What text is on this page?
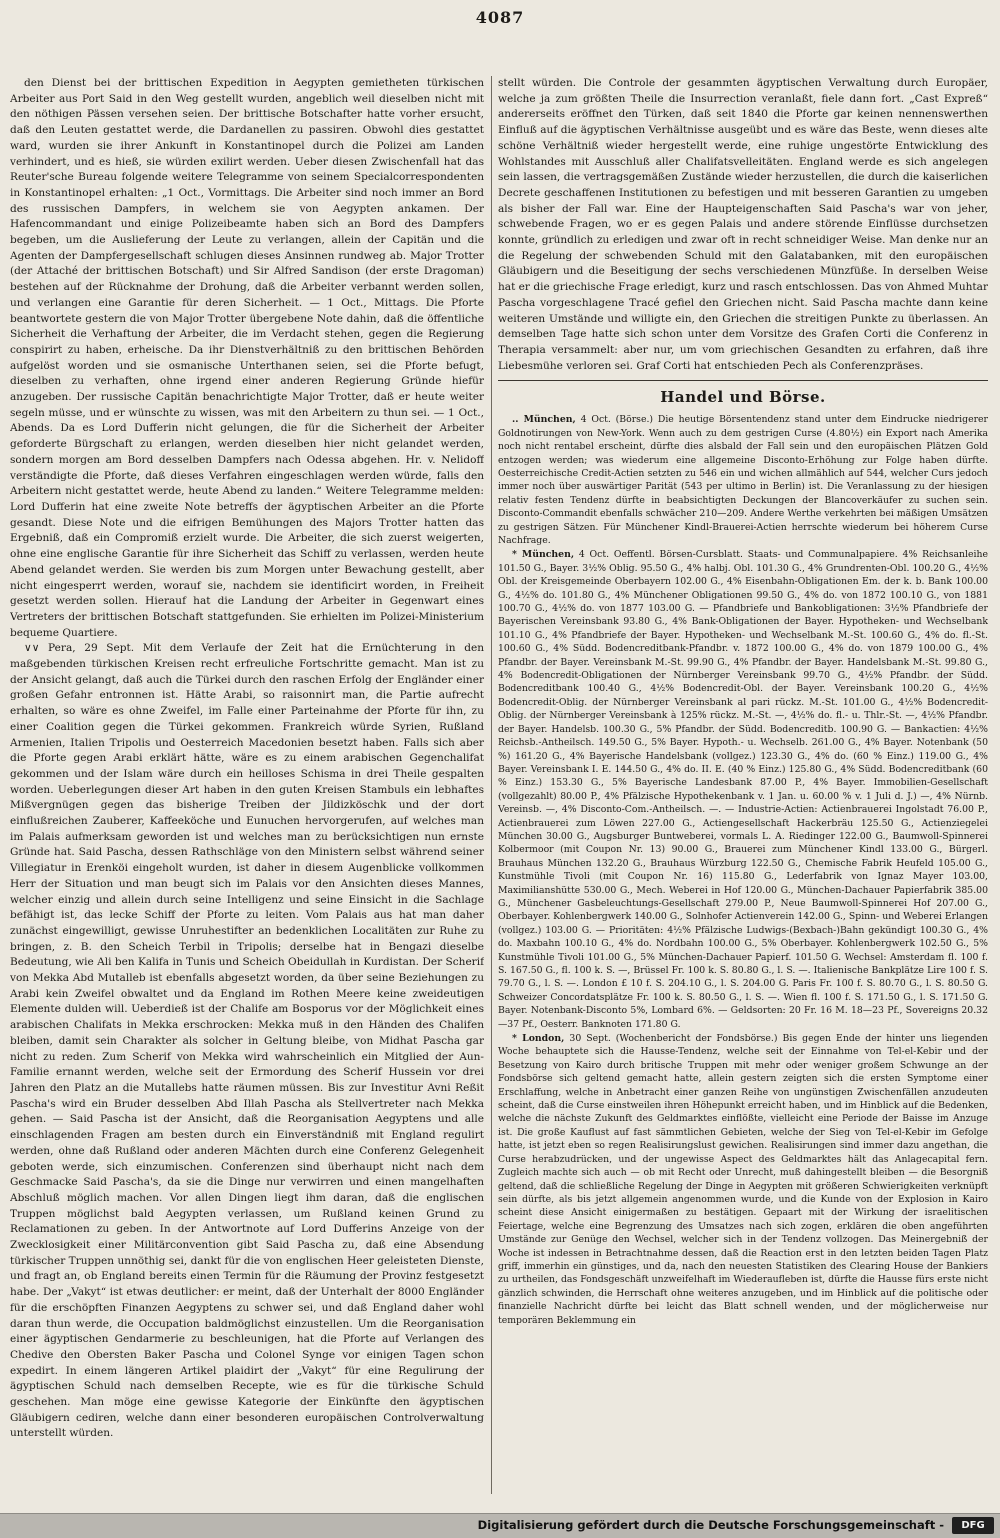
4087

den Dienst bei der brittischen Expedition in Aegypten gemietheten türkischen Arbeiter aus Port Said in den Weg gestellt wurden, angeblich weil dieselben nicht mit den nöthigen Pässen versehen seien. Der brittische Botschafter hatte vorher ersucht, daß den Leuten gestattet werde, die Dardanellen zu passiren. Obwohl dies gestattet ward, wurden sie ihrer Ankunft in Konstantinopel durch die Polizei am Landen verhindert, und es hieß, sie würden exilirt werden. Ueber diesen Zwischenfall hat das Reuter'sche Bureau folgende weitere Telegramme von seinem Specialcorrespondenten in Konstantinopel erhalten: „1 Oct., Vormittags. Die Arbeiter sind noch immer an Bord des russischen Dampfers, in welchem sie von Aegypten ankamen. Der Hafencommandant und einige Polizeibeamte haben sich an Bord des Dampfers begeben, um die Auslieferung der Leute zu verlangen, allein der Capitän und die Agenten der Dampfergesellschaft schlugen dieses Ansinnen rundweg ab. Major Trotter (der Attaché der brittischen Botschaft) und Sir Alfred Sandison (der erste Dragoman) bestehen auf der Rücknahme der Drohung, daß die Arbeiter verbannt werden sollen, und verlangen eine Garantie für deren Sicherheit. — 1 Oct., Mittags. Die Pforte beantwortete gestern die von Major Trotter übergebene Note dahin, daß die öffentliche Sicherheit die Verhaftung der Arbeiter, die im Verdacht stehen, gegen die Regierung conspirirt zu haben, erheische. Da ihr Dienstverhältniß zu den brittischen Behörden aufgelöst worden und sie osmanische Unterthanen seien, sei die Pforte befugt, dieselben zu verhaften, ohne irgend einer anderen Regierung Gründe hiefür anzugeben. Der russische Capitän benachrichtigte Major Trotter, daß er heute weiter segeln müsse, und er wünschte zu wissen, was mit den Arbeitern zu thun sei. — 1 Oct., Abends. Da es Lord Dufferin nicht gelungen, die für die Sicherheit der Arbeiter geforderte Bürgschaft zu erlangen, werden dieselben hier nicht gelandet werden, sondern morgen am Bord desselben Dampfers nach Odessa abgehen. Hr. v. Nelidoff verständigte die Pforte, daß dieses Verfahren eingeschlagen werden würde, falls den Arbeitern nicht gestattet werde, heute Abend zu landen.“ Weitere Telegramme melden: Lord Dufferin hat eine zweite Note betreffs der ägyptischen Arbeiter an die Pforte gesandt. Diese Note und die eifrigen Bemühungen des Majors Trotter hatten das Ergebniß, daß ein Compromiß erzielt wurde. Die Arbeiter, die sich zuerst weigerten, ohne eine englische Garantie für ihre Sicherheit das Schiff zu verlassen, werden heute Abend gelandet werden. Sie werden bis zum Morgen unter Bewachung gestellt, aber nicht eingesperrt werden, worauf sie, nachdem sie identificirt worden, in Freiheit gesetzt werden sollen. Hierauf hat die Landung der Arbeiter in Gegenwart eines Vertreters der brittischen Botschaft stattgefunden. Sie erhielten im Polizei-Ministerium bequeme Quartiere.

∨∨ Pera, 29 Sept. Mit dem Verlaufe der Zeit hat die Ernüchterung in den maßgebenden türkischen Kreisen recht erfreuliche Fortschritte gemacht. Man ist zu der Ansicht gelangt, daß auch die Türkei durch den raschen Erfolg der Engländer einer großen Gefahr entronnen ist. Hätte Arabi, so raisonnirt man, die Partie aufrecht erhalten, so wäre es ohne Zweifel, im Falle einer Parteinahme der Pforte für ihn, zu einer Coalition gegen die Türkei gekommen. Frankreich würde Syrien, Rußland Armenien, Italien Tripolis und Oesterreich Macedonien besetzt haben. Falls sich aber die Pforte gegen Arabi erklärt hätte, wäre es zu einem arabischen Gegenchalifat gekommen und der Islam wäre durch ein heilloses Schisma in drei Theile gespalten worden. Ueberlegungen dieser Art haben in den guten Kreisen Stambuls ein lebhaftes Mißvergnügen gegen das bisherige Treiben der Jildizköschk und der dort einflußreichen Zauberer, Kaffeeköche und Eunuchen hervorgerufen, auf welches man im Palais aufmerksam geworden ist und welches man zu berücksichtigen nun ernste Gründe hat. Said Pascha, dessen Rathschläge von den Ministern selbst während seiner Villegiatur in Erenköi eingeholt wurden, ist daher in diesem Augenblicke vollkommen Herr der Situation und man beugt sich im Palais vor den Ansichten dieses Mannes, welcher einzig und allein durch seine Intelligenz und seine Einsicht in die Sachlage befähigt ist, das lecke Schiff der Pforte zu leiten. Vom Palais aus hat man daher zunächst eingewilligt, gewisse Unruhestifter an bedenklichen Localitäten zur Ruhe zu bringen, z. B. den Scheich Terbil in Tripolis; derselbe hat in Bengazi dieselbe Bedeutung, wie Ali ben Kalifa in Tunis und Scheich Obeidullah in Kurdistan. Der Scherif von Mekka Abd Mutalleb ist ebenfalls abgesetzt worden, da über seine Beziehungen zu Arabi kein Zweifel obwaltet und da England im Rothen Meere keine zweideutigen Elemente dulden will. Ueberdieß ist der Chalife am Bosporus vor der Möglichkeit eines arabischen Chalifats in Mekka erschrocken: Mekka muß in den Händen des Chalifen bleiben, damit sein Charakter als solcher in Geltung bleibe, von Midhat Pascha gar nicht zu reden. Zum Scherif von Mekka wird wahrscheinlich ein Mitglied der Aun-Familie ernannt werden, welche seit der Ermordung des Scherif Hussein vor drei Jahren den Platz an die Mutallebs hatte räumen müssen. Bis zur Investitur Avni Reßit Pascha's wird ein Bruder desselben Abd Illah Pascha als Stellvertreter nach Mekka gehen. — Said Pascha ist der Ansicht, daß die Reorganisation Aegyptens und alle einschlagenden Fragen am besten durch ein Einverständniß mit England regulirt werden, ohne daß Rußland oder anderen Mächten durch eine Conferenz Gelegenheit geboten werde, sich einzumischen. Conferenzen sind überhaupt nicht nach dem Geschmacke Said Pascha's, da sie die Dinge nur verwirren und einen mangelhaften Abschluß möglich machen. Vor allen Dingen liegt ihm daran, daß die englischen Truppen möglichst bald Aegypten verlassen, um Rußland keinen Grund zu Reclamationen zu geben. In der Antwortnote auf Lord Dufferins Anzeige von der Zwecklosigkeit einer Militärconvention gibt Said Pascha zu, daß eine Absendung türkischer Truppen unnöthig sei, dankt für die von englischen Heer geleisteten Dienste, und fragt an, ob England bereits einen Termin für die Räumung der Provinz festgesetzt habe. Der „Vakyt“ ist etwas deutlicher: er meint, daß der Unterhalt der 8000 Engländer für die erschöpften Finanzen Aegyptens zu schwer sei, und daß England daher wohl daran thun werde, die Occupation baldmöglichst einzustellen. Um die Reorganisation einer ägyptischen Gendarmerie zu beschleunigen, hat die Pforte auf Verlangen des Chedive den Obersten Baker Pascha und Colonel Synge vor einigen Tagen schon expedirt. In einem längeren Artikel plaidirt der „Vakyt“ für eine Regulirung der ägyptischen Schuld nach demselben Recepte, wie es für die türkische Schuld geschehen. Man möge eine gewisse Kategorie der Einkünfte den ägyptischen Gläubigern cediren, welche dann einer besonderen europäischen Controlverwaltung unterstellt würden.

stellt würden. Die Controle der gesammten ägyptischen Verwaltung durch Europäer, welche ja zum größten Theile die Insurrection veranlaßt, fiele dann fort. „Cast Expreß“ andererseits eröffnet den Türken, daß seit 1840 die Pforte gar keinen nennenswerthen Einfluß auf die ägyptischen Verhältnisse ausgeübt und es wäre das Beste, wenn dieses alte schöne Verhältniß wieder hergestellt werde, eine ruhige ungestörte Entwicklung des Wohlstandes mit Ausschluß aller Chalifatsvelleitäten. England werde es sich angelegen sein lassen, die vertragsgemäßen Zustände wieder herzustellen, die durch die kaiserlichen Decrete geschaffenen Institutionen zu befestigen und mit besseren Garantien zu umgeben als bisher der Fall war. Eine der Haupteigenschaften Said Pascha's war von jeher, schwebende Fragen, wo er es gegen Palais und andere störende Einflüsse durchsetzen konnte, gründlich zu erledigen und zwar oft in recht schneidiger Weise. Man denke nur an die Regelung der schwebenden Schuld mit den Galatabanken, mit den europäischen Gläubigern und die Beseitigung der sechs verschiedenen Münzfüße. In derselben Weise hat er die griechische Frage erledigt, kurz und rasch entschlossen. Das von Ahmed Muhtar Pascha vorgeschlagene Tracé gefiel den Griechen nicht. Said Pascha machte dann keine weiteren Umstände und willigte ein, den Griechen die streitigen Punkte zu überlassen. An demselben Tage hatte sich schon unter dem Vorsitze des Grafen Corti die Conferenz in Therapia versammelt: aber nur, um vom griechischen Gesandten zu erfahren, daß ihre Liebesmühe verloren sei. Graf Corti hat entschieden Pech als Conferenzpräses.

Handel und Börse.

.. München, 4 Oct. (Börse.) Die heutige Börsentendenz stand unter dem Eindrucke niedrigerer Goldnotirungen von New-York. Wenn auch zu dem gestrigen Curse (4.80½) ein Export nach Amerika noch nicht rentabel erscheint, dürfte dies alsbald der Fall sein und den europäischen Plätzen Gold entzogen werden; was wiederum eine allgemeine Disconto-Erhöhung zur Folge haben dürfte. Oesterreichische Credit-Actien setzten zu 546 ein und wichen allmählich auf 544, welcher Curs jedoch immer noch über auswärtiger Parität (543 per ultimo in Berlin) ist. Die Veranlassung zu der hiesigen relativ festen Tendenz dürfte in beabsichtigten Deckungen der Blancoverkäufer zu suchen sein. Disconto-Commandit ebenfalls schwächer 210—209. Andere Werthe verkehrten bei mäßigen Umsätzen zu gestrigen Sätzen. Für Münchener Kindl-Brauerei-Actien herrschte wiederum bei höherem Curse Nachfrage.

* München, 4 Oct. Oeffentl. Börsen-Cursblatt. Staats- und Communalpapiere. 4% Reichsanleihe 101.50 G., Bayer. 3½% Oblig. 95.50 G., 4% halbj. Obl. 101.30 G., 4% Grundrenten-Obl. 100.20 G., 4½% Obl. der Kreisgemeinde Oberbayern 102.00 G., 4% Eisenbahn-Obligationen Em. der k. b. Bank 100.00 G., 4½% do. 101.80 G., 4% Münchener Obligationen 99.50 G., 4% do. von 1872 100.10 G., von 1881 100.70 G., 4½% do. von 1877 103.00 G. — Pfandbriefe und Bankobligationen: 3½% Pfandbriefe der Bayerischen Vereinsbank 93.80 G., 4% Bank-Obligationen der Bayer. Hypotheken- und Wechselbank 101.10 G., 4% Pfandbriefe der Bayer. Hypotheken- und Wechselbank M.-St. 100.60 G., 4% do. fl.-St. 100.60 G., 4% Südd. Bodencreditbank-Pfandbr. v. 1872 100.00 G., 4% do. von 1879 100.00 G., 4% Pfandbr. der Bayer. Vereinsbank M.-St. 99.90 G., 4% Pfandbr. der Bayer. Handelsbank M.-St. 99.80 G., 4% Bodencredit-Obligationen der Nürnberger Vereinsbank 99.70 G., 4½% Pfandbr. der Südd. Bodencreditbank 100.40 G., 4½% Bodencredit-Obl. der Bayer. Vereinsbank 100.20 G., 4½% Bodencredit-Oblig. der Nürnberger Vereinsbank al pari rückz. M.-St. 101.00 G., 4½% Bodencredit-Oblig. der Nürnberger Vereinsbank à 125% rückz. M.-St. —, 4½% do. fl.- u. Thlr.-St. —, 4½% Pfandbr. der Bayer. Handelsb. 100.30 G., 5% Pfandbr. der Südd. Bodencreditb. 100.90 G. — Bankactien: 4½% Reichsb.-Antheilsch. 149.50 G., 5% Bayer. Hypoth.- u. Wechselb. 261.00 G., 4% Bayer. Notenbank (50 %) 161.20 G., 4% Bayerische Handelsbank (vollgez.) 123.30 G., 4% do. (60 % Einz.) 119.00 G., 4% Bayer. Vereinsbank I. E. 144.50 G., 4% do. II. E. (40 % Einz.) 125.80 G., 4% Südd. Bodencreditbank (60 % Einz.) 153.30 G., 5% Bayerische Landesbank 87.00 P., 4% Bayer. Immobilien-Gesellschaft (vollgezahlt) 80.00 P., 4% Pfälzische Hypothekenbank v. 1 Jan. u. 60.00 % v. 1 Juli d. J.) —, 4% Nürnb. Vereinsb. —, 4% Disconto-Com.-Antheilsch. —. — Industrie-Actien: Actienbrauerei Ingolstadt 76.00 P., Actienbrauerei zum Löwen 227.00 G., Actiengesellschaft Hackerbräu 125.50 G., Actienziegelei München 30.00 G., Augsburger Buntweberei, vormals L. A. Riedinger 122.00 G., Baumwoll-Spinnerei Kolbermoor (mit Coupon Nr. 13) 90.00 G., Brauerei zum Münchener Kindl 133.00 G., Bürgerl. Brauhaus München 132.20 G., Brauhaus Würzburg 122.50 G., Chemische Fabrik Heufeld 105.00 G., Kunstmühle Tivoli (mit Coupon Nr. 16) 115.80 G., Lederfabrik von Ignaz Mayer 103.00, Maximilianshütte 530.00 G., Mech. Weberei in Hof 120.00 G., München-Dachauer Papierfabrik 385.00 G., Münchener Gasbeleuchtungs-Gesellschaft 279.00 P., Neue Baumwoll-Spinnerei Hof 207.00 G., Oberbayer. Kohlenbergwerk 140.00 G., Solnhofer Actienverein 142.00 G., Spinn- und Weberei Erlangen (vollgez.) 103.00 G. — Prioritäten: 4½% Pfälzische Ludwigs-(Bexbach-)Bahn gekündigt 100.30 G., 4% do. Maxbahn 100.10 G., 4% do. Nordbahn 100.00 G., 5% Oberbayer. Kohlenbergwerk 102.50 G., 5% Kunstmühle Tivoli 101.00 G., 5% München-Dachauer Papierf. 101.50 G. Wechsel: Amsterdam fl. 100 f. S. 167.50 G., fl. 100 k. S. —, Brüssel Fr. 100 k. S. 80.80 G., l. S. —. Italienische Bankplätze Lire 100 f. S. 79.70 G., l. S. —. London £ 10 f. S. 204.10 G., l. S. 204.00 G. Paris Fr. 100 f. S. 80.70 G., l. S. 80.50 G. Schweizer Concordatsplätze Fr. 100 k. S. 80.50 G., l. S. —. Wien fl. 100 f. S. 171.50 G., l. S. 171.50 G. Bayer. Notenbank-Disconto 5%, Lombard 6%. — Geldsorten: 20 Fr. 16 M. 18—23 Pf., Sovereigns 20.32—37 Pf., Oesterr. Banknoten 171.80 G.

* London, 30 Sept. (Wochenbericht der Fondsbörse.) Bis gegen Ende der hinter uns liegenden Woche behauptete sich die Hausse-Tendenz, welche seit der Einnahme von Tel-el-Kebir und der Besetzung von Kairo durch britische Truppen mit mehr oder weniger großem Schwunge an der Fondsbörse sich geltend gemacht hatte, allein gestern zeigten sich die ersten Symptome einer Erschlaffung, welche in Anbetracht einer ganzen Reihe von ungünstigen Zwischenfällen anzudeuten scheint, daß die Curse einstweilen ihren Höhepunkt erreicht haben, und im Hinblick auf die Bedenken, welche die nächste Zukunft des Geldmarktes einflößte, vielleicht eine Periode der Baisse im Anzuge ist. Die große Kauflust auf fast sämmtlichen Gebieten, welche der Sieg von Tel-el-Kebir im Gefolge hatte, ist jetzt eben so regen Realisirungslust gewichen. Realisirungen sind immer dazu angethan, die Curse herabzudrücken, und der ungewisse Aspect des Geldmarktes hält das Anlagecapital fern. Zugleich machte sich auch — ob mit Recht oder Unrecht, muß dahingestellt bleiben — die Besorgniß geltend, daß die schließliche Regelung der Dinge in Aegypten mit größeren Schwierigkeiten verknüpft sein dürfte, als bis jetzt allgemein angenommen wurde, und die Kunde von der Explosion in Kairo scheint diese Ansicht einigermaßen zu bestätigen. Gepaart mit der Wirkung der israelitischen Feiertage, welche eine Begrenzung des Umsatzes nach sich zogen, erklären die oben angeführten Umstände zur Genüge den Wechsel, welcher sich in der Tendenz vollzogen. Das Meinergebniß der Woche ist indessen in Betrachtnahme dessen, daß die Reaction erst in den letzten beiden Tagen Platz griff, immerhin ein günstiges, und da, nach den neuesten Statistiken des Clearing House der Bankiers zu urtheilen, das Fondsgeschäft unzweifelhaft im Wiederaufleben ist, dürfte die Hausse fürs erste nicht gänzlich schwinden, die Herrschaft ohne weiteres anzugeben, und im Hinblick auf die politische oder finanzielle Nachricht dürfte bei leicht das Blatt schnell wenden, und der möglicherweise nur temporären Beklemmung ein

Digitalisierung gefördert durch die Deutsche Forschungsgemeinschaft -	DFG
